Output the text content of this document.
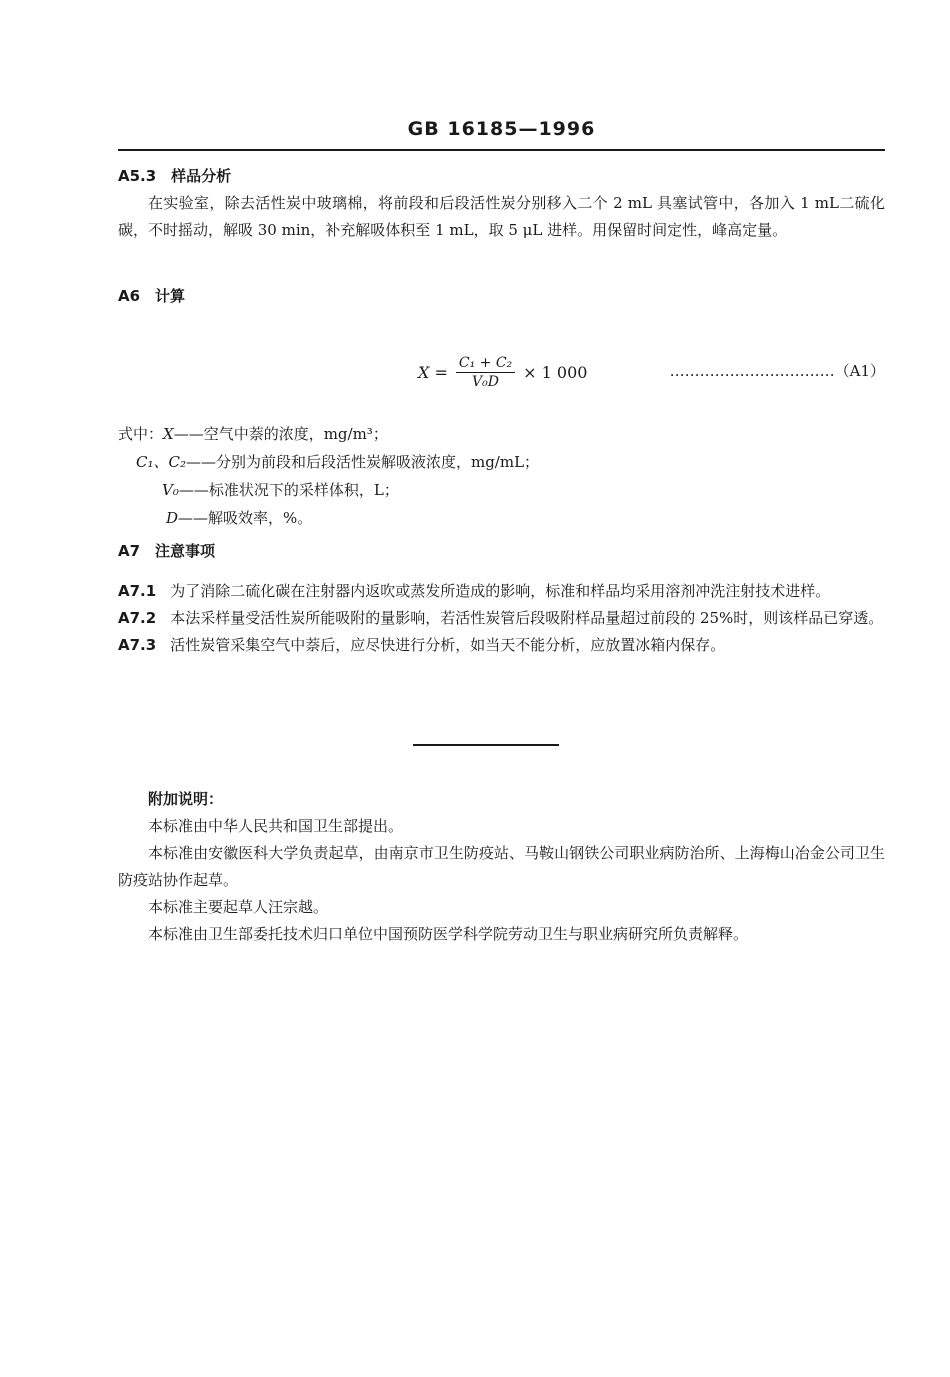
GB 16185—1996
A5.3　样品分析

在实验室，除去活性炭中玻璃棉，将前段和后段活性炭分别移入二个 2 mL 具塞试管中，各加入 1 mL二硫化碳，不时摇动，解吸 30 min，补充解吸体积至 1 mL，取 5 μL 进样。用保留时间定性，峰高定量。

A6　计算
$X = \frac{\text{C₁ + C₂}}{\text{V₀D}} \times 1$ 000	……………………………（A1）
式中：X——空气中萘的浓度，mg/m³；
C₁、C₂——分别为前段和后段活性炭解吸液浓度，mg/mL；
V₀——标准状况下的采样体积，L；
D——解吸效率，%。
A7　注意事项

A7.1 为了消除二硫化碳在注射器内返吹或蒸发所造成的影响，标准和样品均采用溶剂冲洗注射技术进样。

A7.2 本法采样量受活性炭所能吸附的量影响，若活性炭管后段吸附样品量超过前段的 25%时，则该样品已穿透。

A7.3 活性炭管采集空气中萘后，应尽快进行分析，如当天不能分析，应放置冰箱内保存。

附加说明：

本标准由中华人民共和国卫生部提出。

本标准由安徽医科大学负责起草，由南京市卫生防疫站、马鞍山钢铁公司职业病防治所、上海梅山冶金公司卫生防疫站协作起草。

本标准主要起草人汪宗越。

本标准由卫生部委托技术归口单位中国预防医学科学院劳动卫生与职业病研究所负责解释。
